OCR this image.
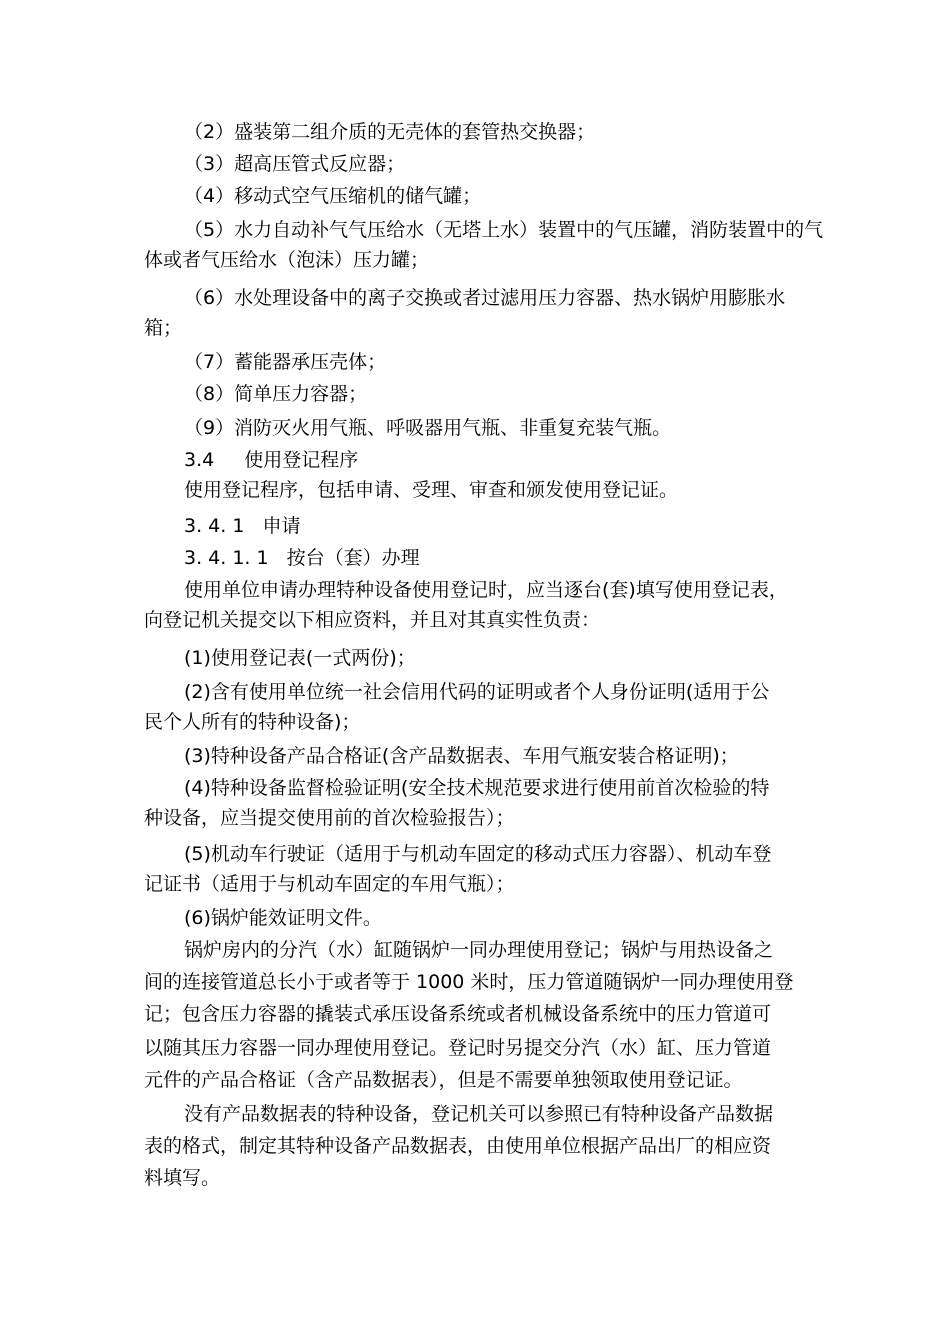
（2）盛装第二组介质的无壳体的套管热交换器；
（3）超高压管式反应器；
（4）移动式空气压缩机的储气罐；
（5）水力自动补气气压给水（无塔上水）装置中的气压罐，消防装置中的气
体或者气压给水（泡沫）压力罐；
（6）水处理设备中的离子交换或者过滤用压力容器、热水锅炉用膨胀水
箱；
（7）蓄能器承压壳体；
（8）简单压力容器；
（9）消防灭火用气瓶、呼吸器用气瓶、非重复充装气瓶。
3.4 使用登记程序
使用登记程序，包括申请、受理、审查和颁发使用登记证。
3. 4. 1 申请
3. 4. 1. 1 按台（套）办理
使用单位申请办理特种设备使用登记时，应当逐台(套)填写使用登记表，
向登记机关提交以下相应资料，并且对其真实性负责：
(1)使用登记表(一式两份)；
(2)含有使用单位统一社会信用代码的证明或者个人身份证明(适用于公
民个人所有的特种设备)；
(3)特种设备产品合格证(含产品数据表、车用气瓶安装合格证明)；
(4)特种设备监督检验证明(安全技术规范要求进行使用前首次检验的特
种设备，应当提交使用前的首次检验报告）；
(5)机动车行驶证（适用于与机动车固定的移动式压力容器）、机动车登
记证书（适用于与机动车固定的车用气瓶）；
(6)锅炉能效证明文件。
锅炉房内的分汽（水）缸随锅炉一同办理使用登记；锅炉与用热设备之
间的连接管道总长小于或者等于 1000 米时，压力管道随锅炉一同办理使用登
记；包含压力容器的撬装式承压设备系统或者机械设备系统中的压力管道可
以随其压力容器一同办理使用登记。登记时另提交分汽（水）缸、压力管道
元件的产品合格证（含产品数据表），但是不需要单独领取使用登记证。
没有产品数据表的特种设备，登记机关可以参照已有特种设备产品数据
表的格式，制定其特种设备产品数据表，由使用单位根据产品出厂的相应资
料填写。
